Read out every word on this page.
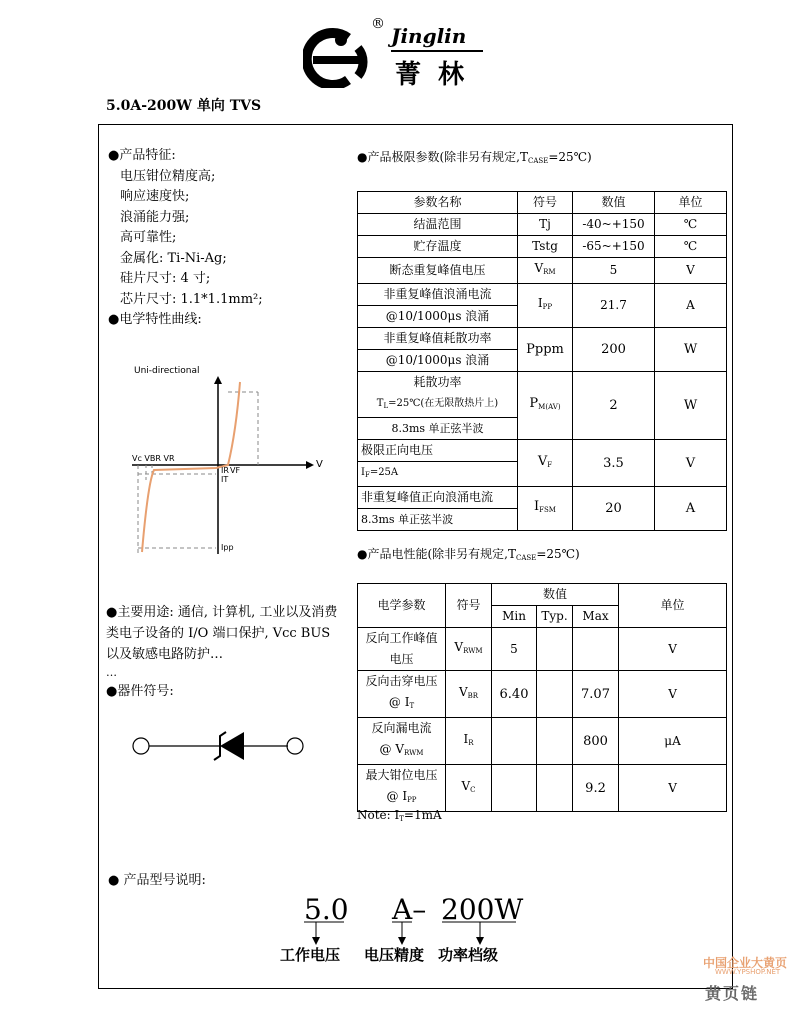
® Jinglin
菁 林
5.0A-200W 单向 TVS
●产品特征:
电压钳位精度高;
响应速度快;
浪涌能力强;
高可靠性;
金属化: Ti-Ni-Ag;
硅片尺寸: 4 寸;
芯片尺寸: 1.1*1.1mm²;
●电学特性曲线:
Uni-directional
V
Vc VBR VR
IR VF
IT
Ipp
●产品极限参数(除非另有规定$,T_{CASE}=25℃$)
参数名称	符号	数值	单位
结温范围	Tj	-40~+150	℃
贮存温度	Tstg	-65~+150	℃
断态重复峰值电压	$V_{RM}$	5	V

非重复峰值浪涌电流
@10/1000μs 浪涌	$I_{PP}$	21.7	A

非重复峰值耗散功率
@10/1000μs 浪涌	Pppm	200	W

耗散功率
$T_L=25℃$(在无限散热片上)
8.3ms 单正弦半波	$P_{M(AV)}$	2	W

极限正向电压
$I_F=25A$	$V_F$	3.5	V

非重复峰值正向浪涌电流
8.3ms 单正弦半波	$I_{FSM}$	20	A
●产品电性能(除非另有规定$,T_{CASE}=25℃$)
电学参数	符号	数值			单位
		Min	Typ.	Max	

反向工作峰值
电压	$V_{RWM}$	5			V

反向击穿电压
@ $I_T$	$V_{BR}$	6.40		7.07	V

反向漏电流
@ $V_{RWM}$	$I_R$			800	μA

最大钳位电压
@ $I_{PP}$	$V_C$			9.2	V
Note: $I_T=1mA$
●主要用途: 通信, 计算机, 工业以及消费类电子设备的 I/O 端口保护, Vcc BUS 以及敏感电路防护…
…
●器件符号:
● 产品型号说明:
5.0 A– 200W
工作电压 电压精度 功率档级	中国企业大黄页
WWW.YPSHOP.NET
黄页链
